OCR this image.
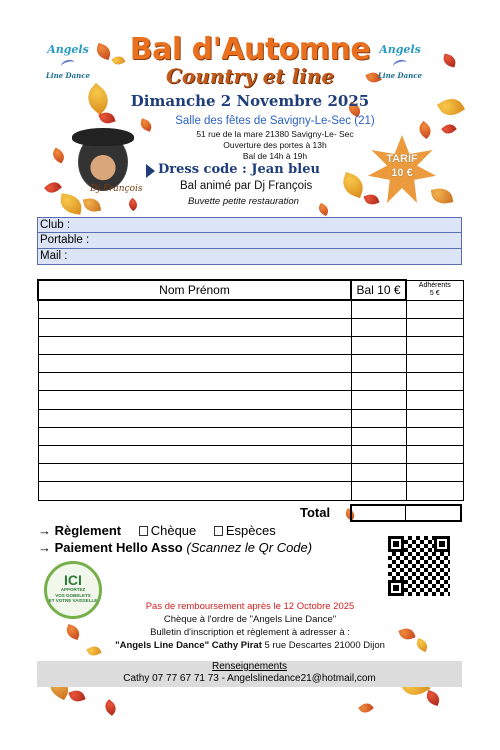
Angels
Line Dance
Angels
Line Dance
Bal d'Automne
Country et line
Dimanche 2 Novembre 2025
Salle des fêtes de Savigny-Le-Sec (21)
51 rue de la mare 21380 Savigny-Le- Sec
Ouverture des portes à 13h
Bal de 14h à 19h
Dress code : Jean bleu
Bal animé par Dj François
Buvette petite restauration
Dj François
TARIF
10 €
Club :
Portable :
Mail :
Nom Prénom	Bal 10 €	Adhérents
5 €

Total
→ Règlement Chèque Espèces
→ Paiement Hello Asso (Scannez le Qr Code)
ICI
APPORTEZ
VOS GOBELETS
ET VOTRE VAISSELLE
Pas de remboursement après le 12 Octobre 2025
Chèque à l'ordre de "Angels Line Dance"
Bulletin d'inscription et règlement à adresser à :
"Angels Line Dance" Cathy Pirat 5 rue Descartes 21000 Dijon
Renseignements
Cathy 07 77 67 71 73 - Angelslinedance21@hotmail,com
